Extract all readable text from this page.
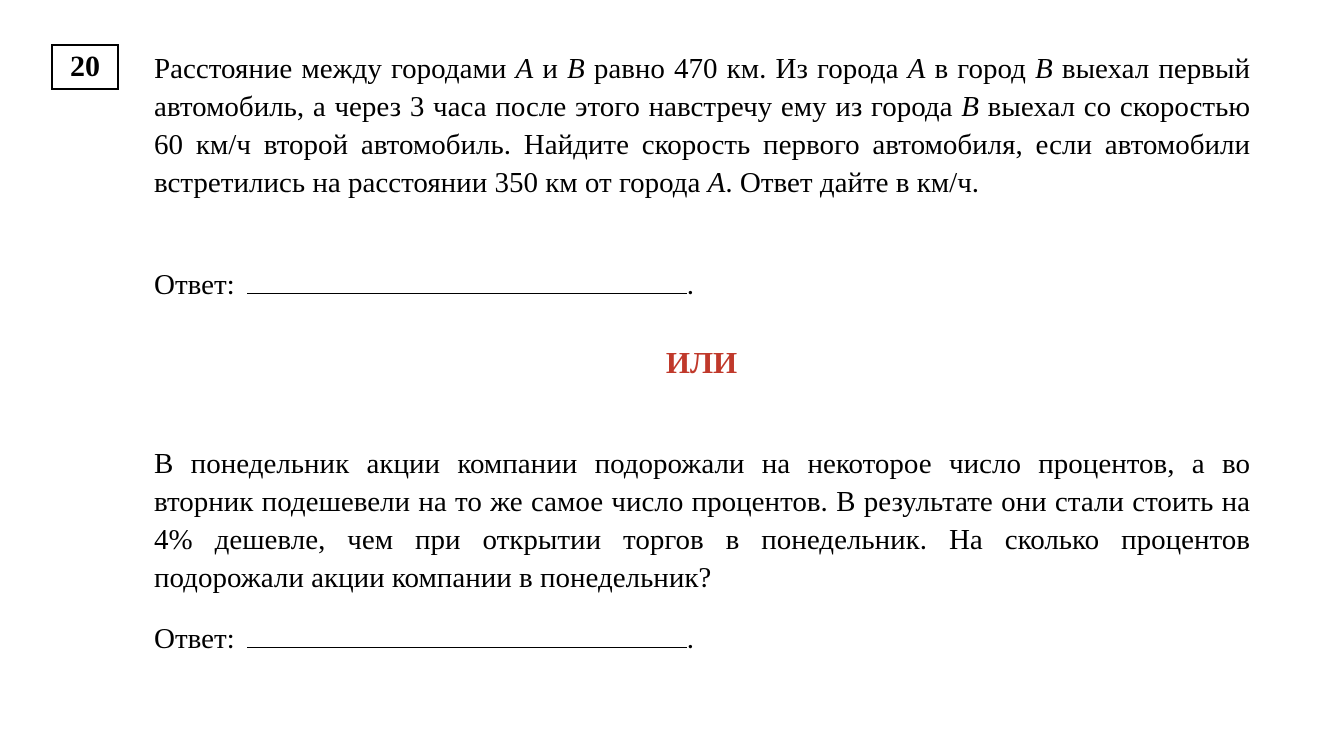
20 Расстояние между городами A и B равно 470 км. Из города A в город B выехал первый автомобиль, а через 3 часа после этого навстречу ему из города B выехал со скоростью 60 км/ч второй автомобиль. Найдите скорость первого автомобиля, если автомобили встретились на расстоянии 350 км от города A. Ответ дайте в км/ч.

Ответ:	.
ИЛИ

В понедельник акции компании подорожали на некоторое число процентов, а во вторник подешевели на то же самое число процентов. В результате они стали стоить на 4% дешевле, чем при открытии торгов в понедельник. На сколько процентов подорожали акции компании в понедельник?

Ответ:	.
